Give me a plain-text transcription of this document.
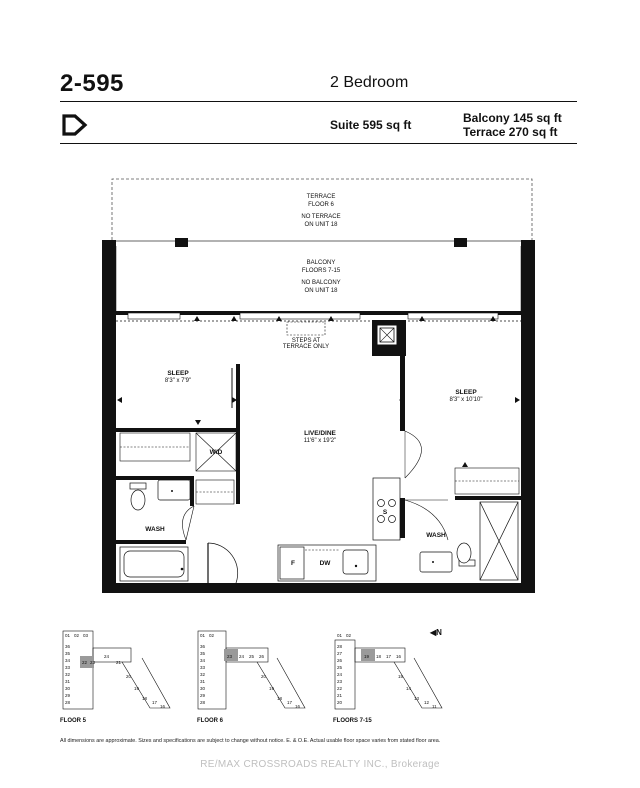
2-595	2 Bedroom
Suite 595 sq ft	Balcony 145 sq ft
Terrace 270 sq ft
TERRACE
FLOOR 6
NO TERRACE
ON UNIT 18
BALCONY
FLOORS 7-15
NO BALCONY
ON UNIT 18
STEPS AT
TERRACE ONLY
SLEEP
8'3" x 7'9"
SLEEP
8'3" x 10'10"
LIVE/DINE
11'6" x 19'2"
W/D
WASH
WASH
F	DW
S
01 02 03
36
35
34
33
32
31
30
29
28
22 23
24
21
20
19
18
17
16
FLOOR 5
01 02
36
35
34
33
32
31
30
29
28
23 24 25 26
20
19
18
17
16
FLOOR 6
01 02
28
27
26
25
24
23
22
21
20
19 18 17 16
15
14
13
12
11
FLOORS 7-15
◀N
All dimensions are approximate. Sizes and specifications are subject to change without notice. E. & O.E. Actual usable floor space varies from stated floor area.
RE/MAX CROSSROADS REALTY INC., Brokerage
